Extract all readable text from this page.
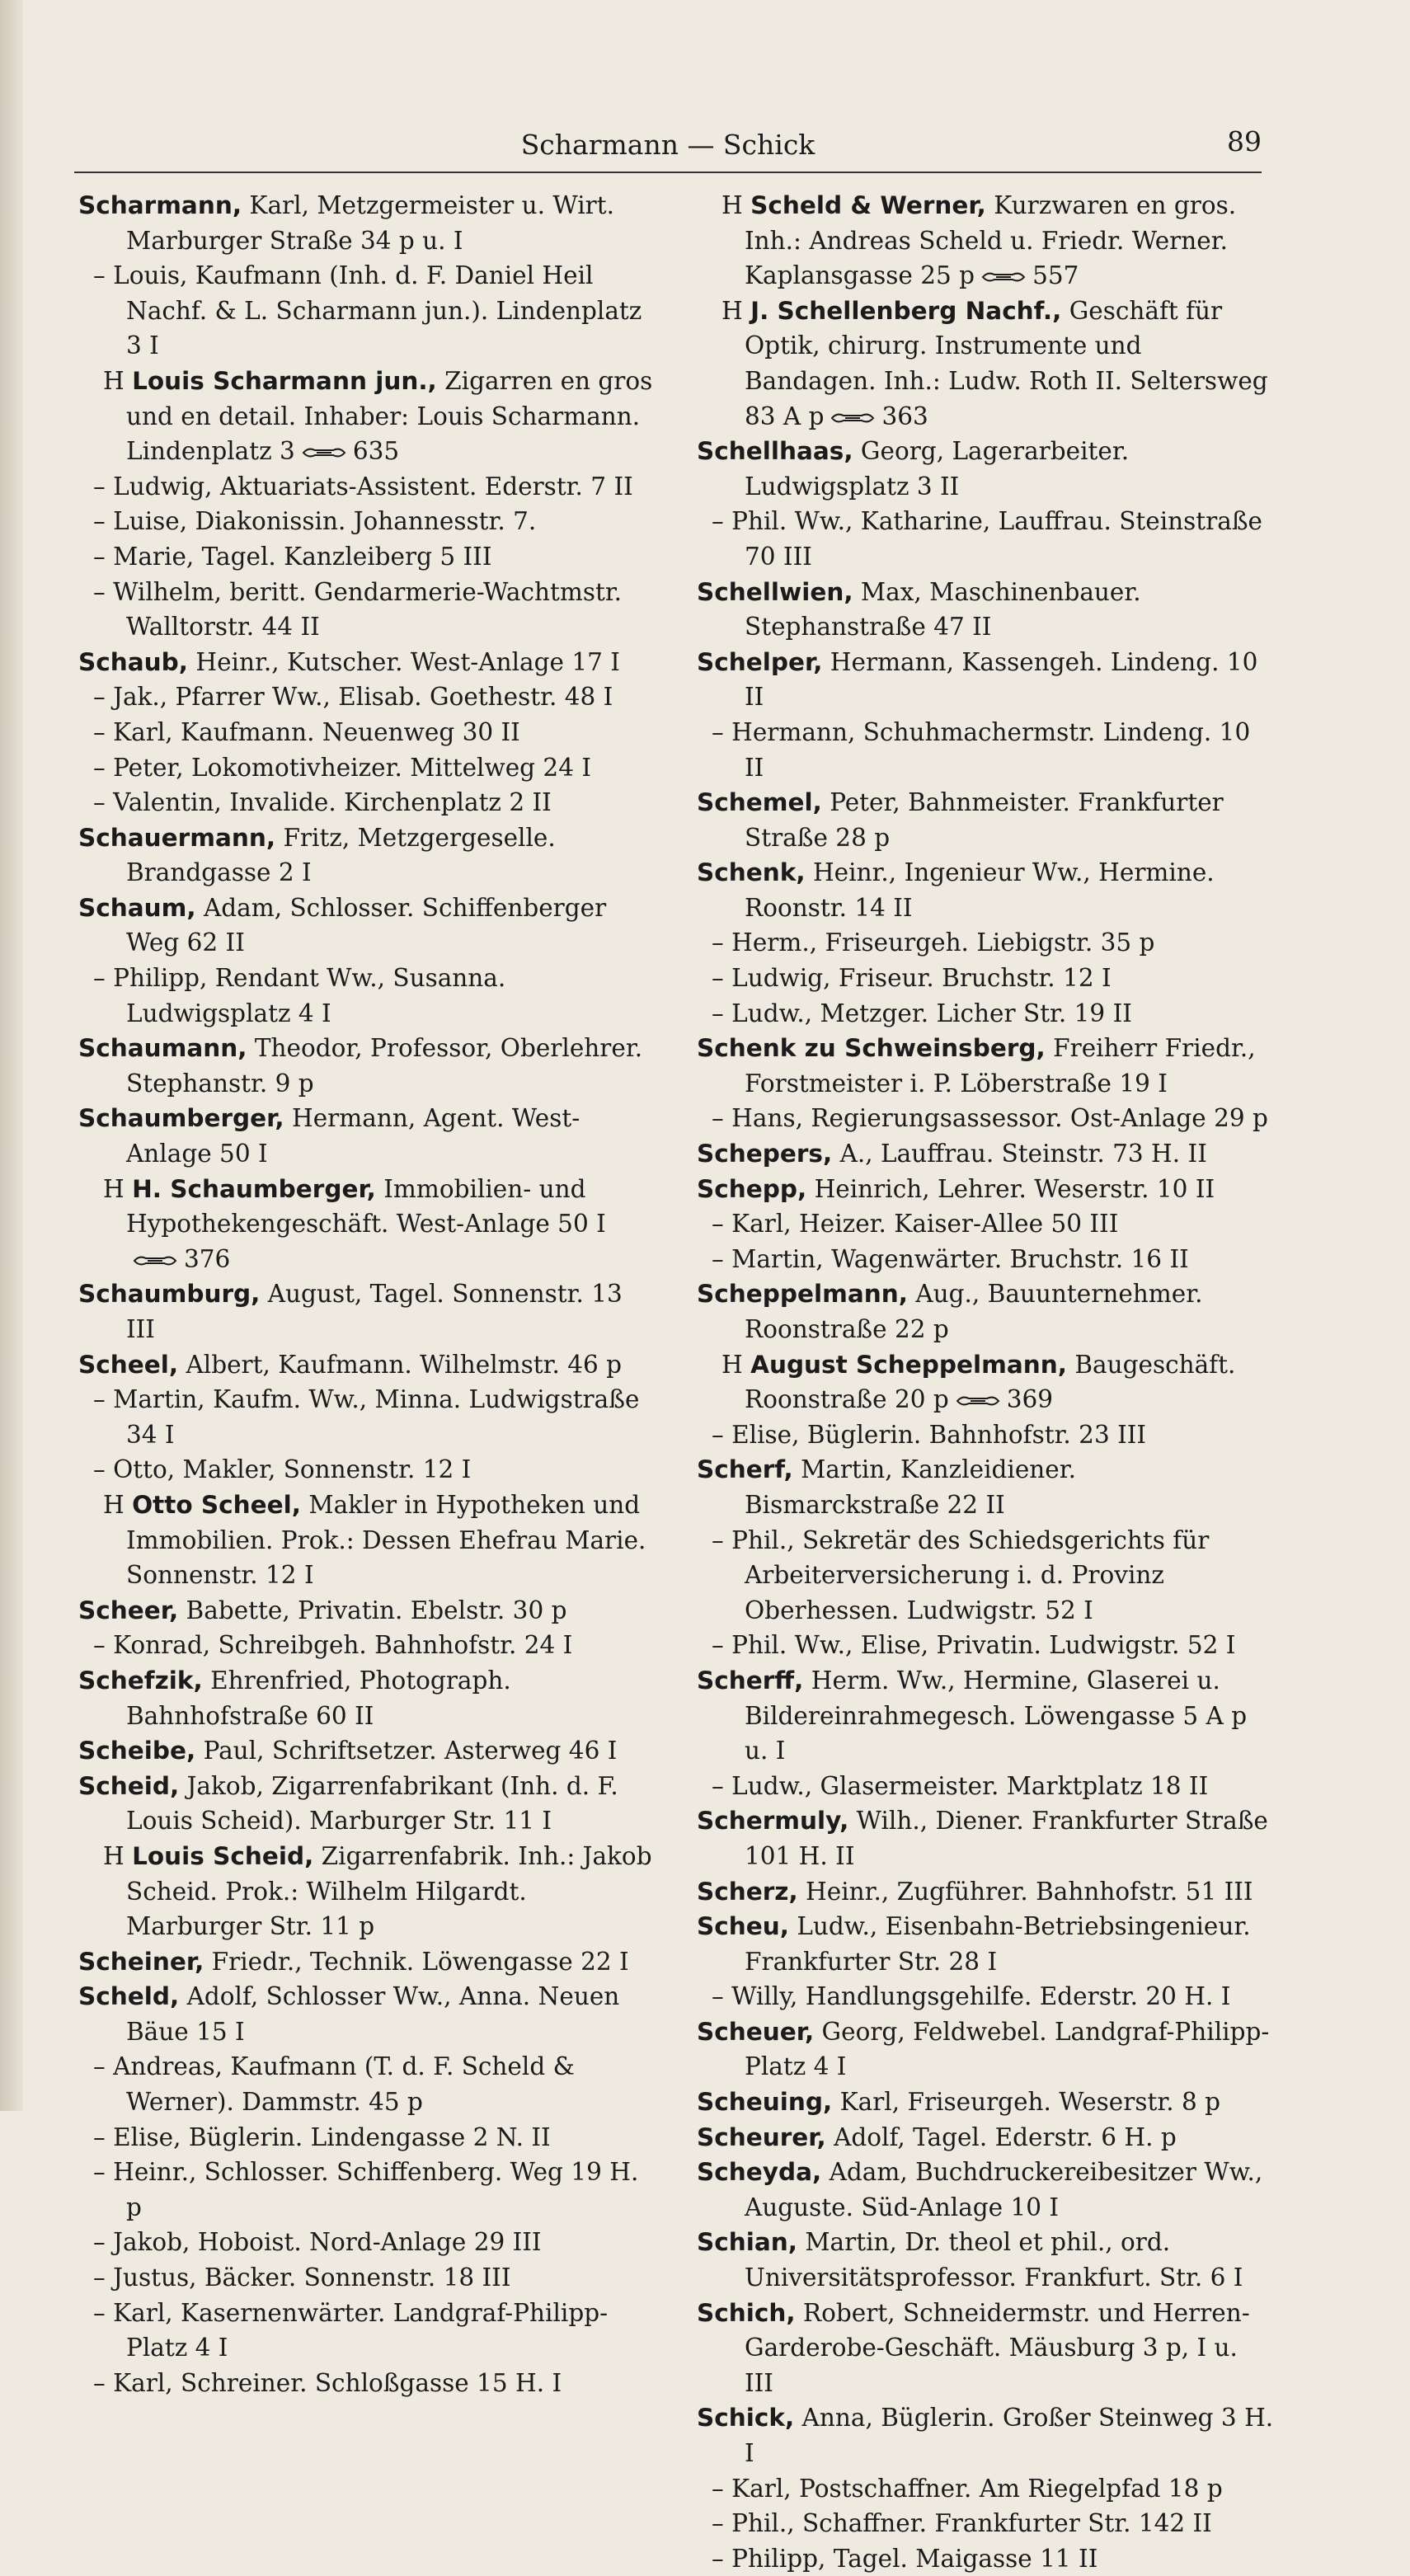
Scharmann — Schick	89

Scharmann, Karl, Metzgermeister u. Wirt. Marburger Straße 34 p u. I

– Louis, Kaufmann (Inh. d. F. Daniel Heil Nachf. & L. Scharmann jun.). Lindenplatz 3 I

H Louis Scharmann jun., Zigarren en gros und en detail. Inhaber: Louis Scharmann. Lindenplatz 3 635

– Ludwig, Aktuariats-Assistent. Ederstr. 7 II

– Luise, Diakonissin. Johannesstr. 7.

– Marie, Tagel. Kanzleiberg 5 III

– Wilhelm, beritt. Gendarmerie-Wachtmstr. Walltorstr. 44 II

Schaub, Heinr., Kutscher. West-Anlage 17 I

– Jak., Pfarrer Ww., Elisab. Goethestr. 48 I

– Karl, Kaufmann. Neuenweg 30 II

– Peter, Lokomotivheizer. Mittelweg 24 I

– Valentin, Invalide. Kirchenplatz 2 II

Schauermann, Fritz, Metzgergeselle. Brandgasse 2 I

Schaum, Adam, Schlosser. Schiffenberger Weg 62 II

– Philipp, Rendant Ww., Susanna. Ludwigsplatz 4 I

Schaumann, Theodor, Professor, Oberlehrer. Stephanstr. 9 p

Schaumberger, Hermann, Agent. West-Anlage 50 I

H H. Schaumberger, Immobilien- und Hypothekengeschäft. West-Anlage 50 I376

Schaumburg, August, Tagel. Sonnenstr. 13 III

Scheel, Albert, Kaufmann. Wilhelmstr. 46 p

– Martin, Kaufm. Ww., Minna. Ludwigstraße 34 I

– Otto, Makler, Sonnenstr. 12 I

H Otto Scheel, Makler in Hypotheken und Immobilien. Prok.: Dessen Ehefrau Marie. Sonnenstr. 12 I

Scheer, Babette, Privatin. Ebelstr. 30 p

– Konrad, Schreibgeh. Bahnhofstr. 24 I

Schefzik, Ehrenfried, Photograph. Bahnhofstraße 60 II

Scheibe, Paul, Schriftsetzer. Asterweg 46 I

Scheid, Jakob, Zigarrenfabrikant (Inh. d. F. Louis Scheid). Marburger Str. 11 I

H Louis Scheid, Zigarrenfabrik. Inh.: Jakob Scheid. Prok.: Wilhelm Hilgardt. Marburger Str. 11 p

Scheiner, Friedr., Technik. Löwengasse 22 I

Scheld, Adolf, Schlosser Ww., Anna. Neuen Bäue 15 I

– Andreas, Kaufmann (T. d. F. Scheld & Werner). Dammstr. 45 p

– Elise, Büglerin. Lindengasse 2 N. II

– Heinr., Schlosser. Schiffenberg. Weg 19 H. p

– Jakob, Hoboist. Nord-Anlage 29 III

– Justus, Bäcker. Sonnenstr. 18 III

– Karl, Kasernenwärter. Landgraf-Philipp-Platz 4 I

– Karl, Schreiner. Schloßgasse 15 H. I

H Scheld & Werner, Kurzwaren en gros. Inh.: Andreas Scheld u. Friedr. Werner. Kaplansgasse 25 p 557

H J. Schellenberg Nachf., Geschäft für Optik, chirurg. Instrumente und Bandagen. Inh.: Ludw. Roth II. Seltersweg 83 A p 363

Schellhaas, Georg, Lagerarbeiter. Ludwigsplatz 3 II

– Phil. Ww., Katharine, Lauffrau. Steinstraße 70 III

Schellwien, Max, Maschinenbauer. Stephanstraße 47 II

Schelper, Hermann, Kassengeh. Lindeng. 10 II

– Hermann, Schuhmachermstr. Lindeng. 10 II

Schemel, Peter, Bahnmeister. Frankfurter Straße 28 p

Schenk, Heinr., Ingenieur Ww., Hermine. Roonstr. 14 II

– Herm., Friseurgeh. Liebigstr. 35 p

– Ludwig, Friseur. Bruchstr. 12 I

– Ludw., Metzger. Licher Str. 19 II

Schenk zu Schweinsberg, Freiherr Friedr., Forstmeister i. P. Löberstraße 19 I

– Hans, Regierungsassessor. Ost-Anlage 29 p

Schepers, A., Lauffrau. Steinstr. 73 H. II

Schepp, Heinrich, Lehrer. Weserstr. 10 II

– Karl, Heizer. Kaiser-Allee 50 III

– Martin, Wagenwärter. Bruchstr. 16 II

Scheppelmann, Aug., Bauunternehmer. Roonstraße 22 p

H August Scheppelmann, Baugeschäft. Roonstraße 20 p 369

– Elise, Büglerin. Bahnhofstr. 23 III

Scherf, Martin, Kanzleidiener. Bismarckstraße 22 II

– Phil., Sekretär des Schiedsgerichts für Arbeiterversicherung i. d. Provinz Oberhessen. Ludwigstr. 52 I

– Phil. Ww., Elise, Privatin. Ludwigstr. 52 I

Scherff, Herm. Ww., Hermine, Glaserei u. Bildereinrahmegesch. Löwengasse 5 A p u. I

– Ludw., Glasermeister. Marktplatz 18 II

Schermuly, Wilh., Diener. Frankfurter Straße 101 H. II

Scherz, Heinr., Zugführer. Bahnhofstr. 51 III

Scheu, Ludw., Eisenbahn-Betriebsingenieur. Frankfurter Str. 28 I

– Willy, Handlungsgehilfe. Ederstr. 20 H. I

Scheuer, Georg, Feldwebel. Landgraf-Philipp-Platz 4 I

Scheuing, Karl, Friseurgeh. Weserstr. 8 p

Scheurer, Adolf, Tagel. Ederstr. 6 H. p

Scheyda, Adam, Buchdruckereibesitzer Ww., Auguste. Süd-Anlage 10 I

Schian, Martin, Dr. theol et phil., ord. Universitätsprofessor. Frankfurt. Str. 6 I

Schich, Robert, Schneidermstr. und Herren-Garderobe-Geschäft. Mäusburg 3 p, I u. III

Schick, Anna, Büglerin. Großer Steinweg 3 H. I

– Karl, Postschaffner. Am Riegelpfad 18 p

– Phil., Schaffner. Frankfurter Str. 142 II

– Philipp, Tagel. Maigasse 11 II
